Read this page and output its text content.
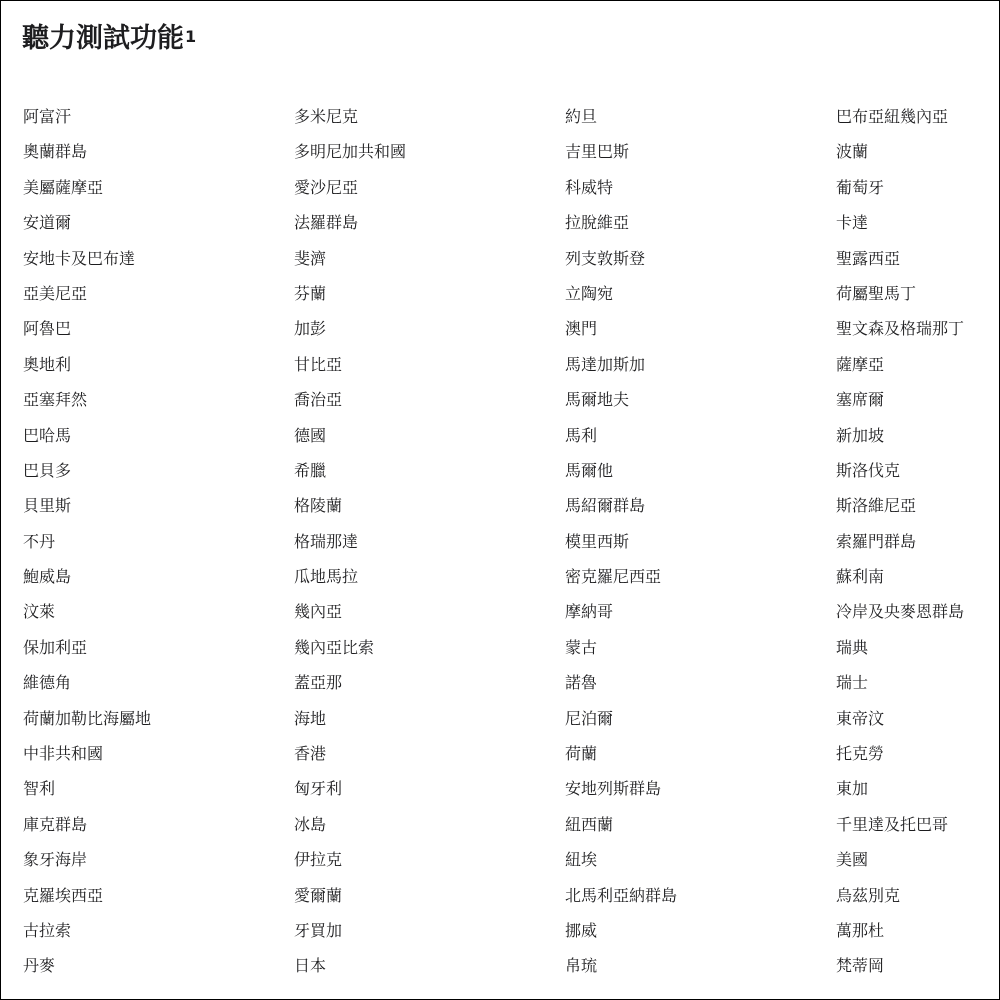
聽力測試功能$^1$
阿富汗
奧蘭群島
美屬薩摩亞
安道爾
安地卡及巴布達
亞美尼亞
阿魯巴
奧地利
亞塞拜然
巴哈馬
巴貝多
貝里斯
不丹
鮑威島
汶萊
保加利亞
維德角
荷蘭加勒比海屬地
中非共和國
智利
庫克群島
象牙海岸
克羅埃西亞
古拉索
丹麥
多米尼克
多明尼加共和國
愛沙尼亞
法羅群島
斐濟
芬蘭
加彭
甘比亞
喬治亞
德國
希臘
格陵蘭
格瑞那達
瓜地馬拉
幾內亞
幾內亞比索
蓋亞那
海地
香港
匈牙利
冰島
伊拉克
愛爾蘭
牙買加
日本
約旦
吉里巴斯
科威特
拉脫維亞
列支敦斯登
立陶宛
澳門
馬達加斯加
馬爾地夫
馬利
馬爾他
馬紹爾群島
模里西斯
密克羅尼西亞
摩納哥
蒙古
諾魯
尼泊爾
荷蘭
安地列斯群島
紐西蘭
紐埃
北馬利亞納群島
挪威
帛琉
巴布亞紐幾內亞
波蘭
葡萄牙
卡達
聖露西亞
荷屬聖馬丁
聖文森及格瑞那丁
薩摩亞
塞席爾
新加坡
斯洛伐克
斯洛維尼亞
索羅門群島
蘇利南
冷岸及央麥恩群島
瑞典
瑞士
東帝汶
托克勞
東加
千里達及托巴哥
美國
烏茲別克
萬那杜
梵蒂岡
